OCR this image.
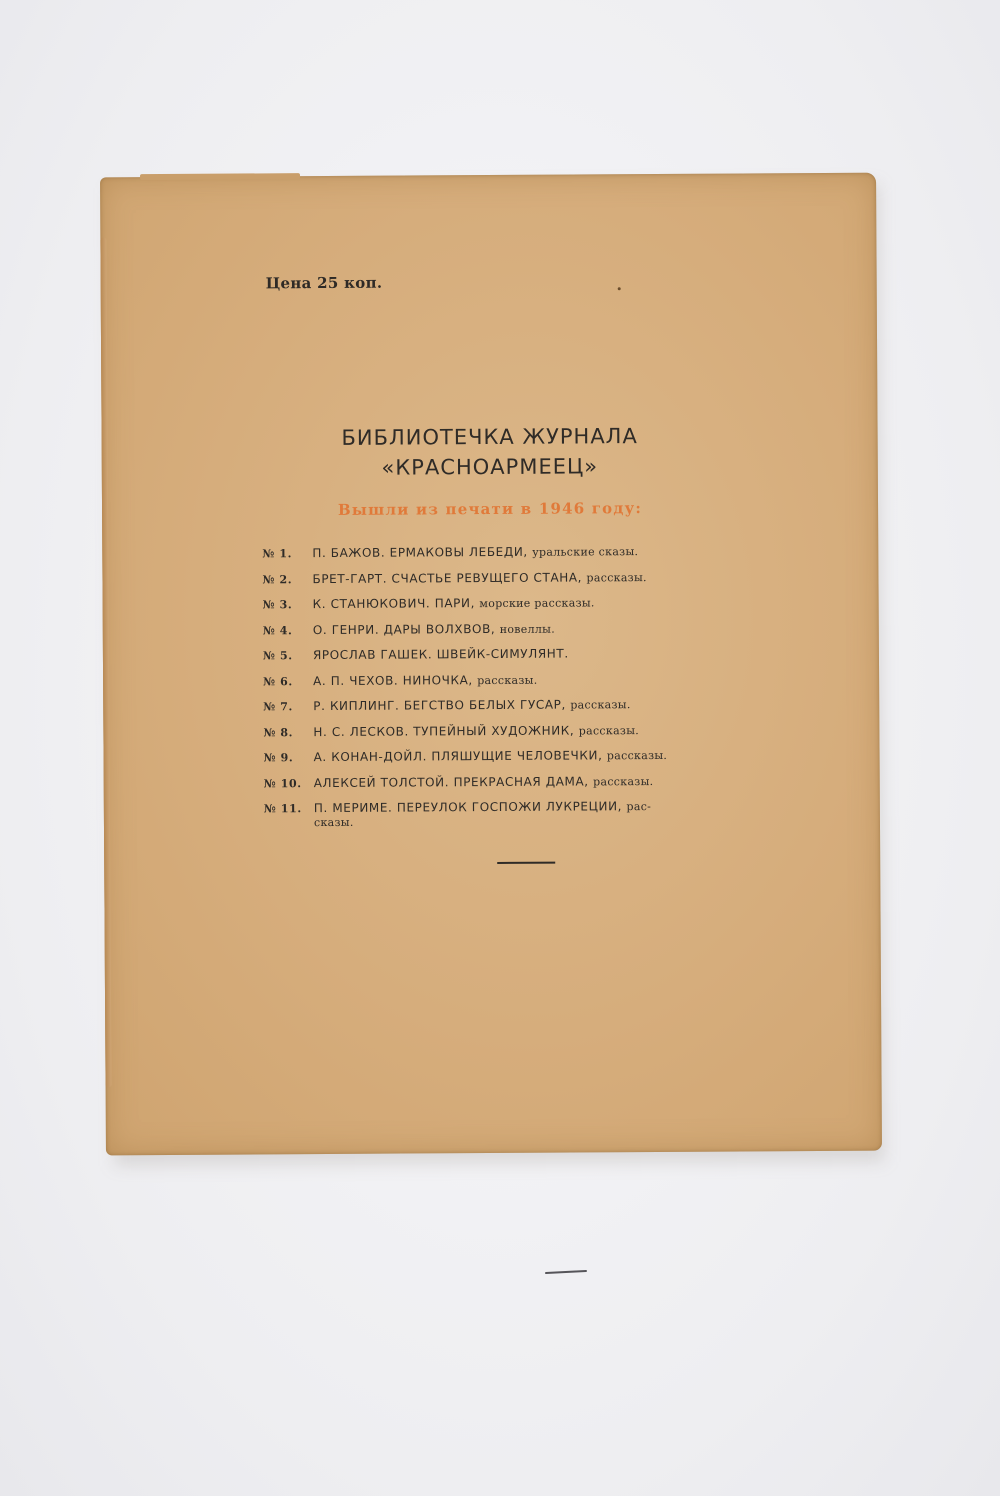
Цена 25 коп.
БИБЛИОТЕЧКА ЖУРНАЛА
«КРАСНОАРМЕЕЦ»
Вышли из печати в 1946 году:
№ 1. П. БАЖОВ. ЕРМАКОВЫ ЛЕБЕДИ, уральские сказы.
№ 2. БРЕТ-ГАРТ. СЧАСТЬЕ РЕВУЩЕГО СТАНА, рассказы.
№ 3. К. СТАНЮКОВИЧ. ПАРИ, морские рассказы.
№ 4. О. ГЕНРИ. ДАРЫ ВОЛХВОВ, новеллы.
№ 5. ЯРОСЛАВ ГАШЕК. ШВЕЙК-СИМУЛЯНТ.
№ 6. А. П. ЧЕХОВ. НИНОЧКА, рассказы.
№ 7. Р. КИПЛИНГ. БЕГСТВО БЕЛЫХ ГУСАР, рассказы.
№ 8. Н. С. ЛЕСКОВ. ТУПЕЙНЫЙ ХУДОЖНИК, рассказы.
№ 9. А. КОНАН-ДОЙЛ. ПЛЯШУЩИЕ ЧЕЛОВЕЧКИ, рассказы.
№ 10. АЛЕКСЕЙ ТОЛСТОЙ. ПРЕКРАСНАЯ ДАМА, рассказы.
№ 11. П. МЕРИМЕ. ПЕРЕУЛОК ГОСПОЖИ ЛУКРЕЦИИ, рас-
сказы.
